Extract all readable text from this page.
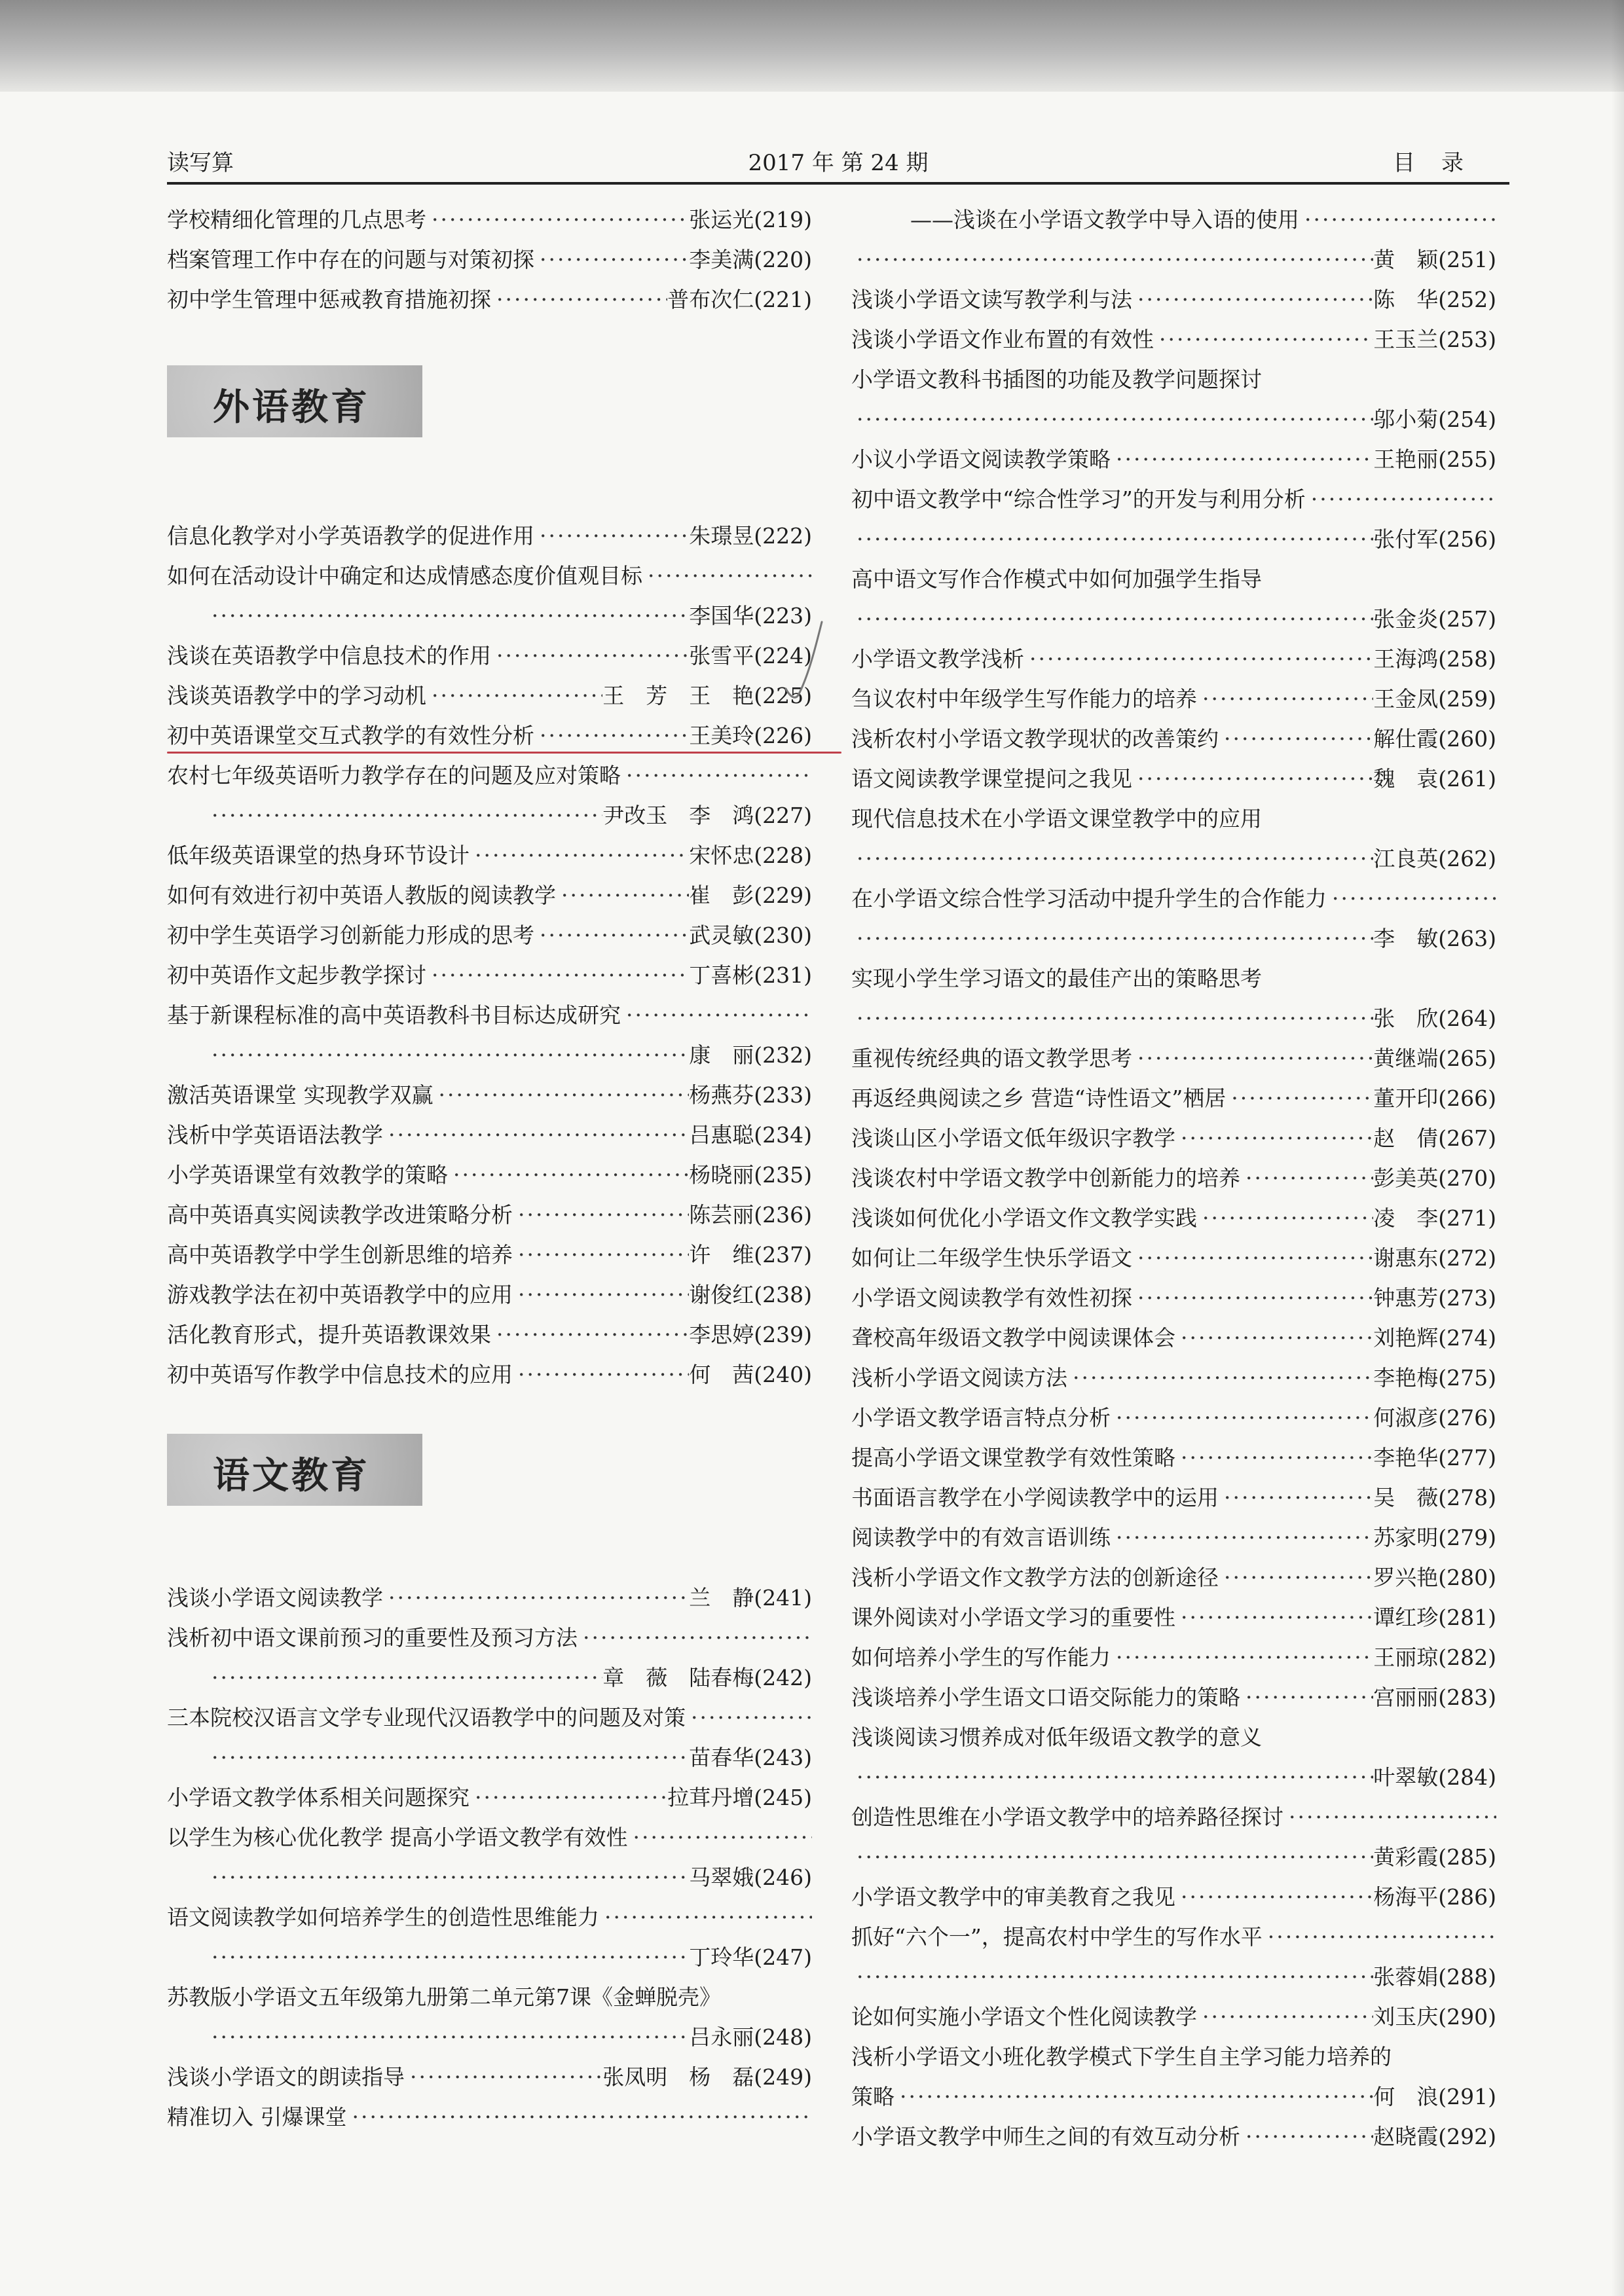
读写算	2017 年 第 24 期	目录
学校精细化管理的几点思考 ·····	张运光(219)
档案管理工作中存在的问题与对策初探 ·····	李美满(220)
初中学生管理中惩戒教育措施初探 ·····	普布次仁(221)
外语教育
信息化教学对小学英语教学的促进作用 ·····	朱璟昱(222)
如何在活动设计中确定和达成情感态度价值观目标
·····
·····
李国华(223)
浅谈在英语教学中信息技术的作用 ·····	张雪平(224)
浅谈英语教学中的学习动机 ·····	王　芳　王　艳(225)
初中英语课堂交互式教学的有效性分析 ·····	王美玲(226)
农村七年级英语听力教学存在的问题及应对策略
·····
·····
尹改玉　李　鸿(227)
低年级英语课堂的热身环节设计 ·····	宋怀忠(228)
如何有效进行初中英语人教版的阅读教学 ·····	崔　彭(229)
初中学生英语学习创新能力形成的思考 ·····	武灵敏(230)
初中英语作文起步教学探讨 ·····	丁喜彬(231)
基于新课程标准的高中英语教科书目标达成研究
·····
·····
康　丽(232)
激活英语课堂 实现教学双赢 ·····	杨燕芬(233)
浅析中学英语语法教学 ·····	吕惠聪(234)
小学英语课堂有效教学的策略 ·····	杨晓丽(235)
高中英语真实阅读教学改进策略分析 ·····	陈芸丽(236)
高中英语教学中学生创新思维的培养 ·····	许　维(237)
游戏教学法在初中英语教学中的应用 ·····	谢俊红(238)
活化教育形式，提升英语教课效果 ·····	李思婷(239)
初中英语写作教学中信息技术的应用 ·····	何　茜(240)
语文教育
浅谈小学语文阅读教学 ·····	兰　静(241)
浅析初中语文课前预习的重要性及预习方法
·····
·····
章　薇　陆春梅(242)
三本院校汉语言文学专业现代汉语教学中的问题及对策
·····
·····
苗春华(243)
小学语文教学体系相关问题探究 ·····	拉茸丹增(245)
以学生为核心优化教学 提高小学语文教学有效性
·····
·····
马翠娥(246)
语文阅读教学如何培养学生的创造性思维能力
·····
·····
丁玲华(247)
苏教版小学语文五年级第九册第二单元第7课《金蝉脱壳》
·····
吕永丽(248)
浅谈小学语文的朗读指导 ·····	张凤明　杨　磊(249)
精准切入 引爆课堂
·····
——浅谈在小学语文教学中导入语的使用
·····
·····
黄　颖(251)
浅谈小学语文读写教学利与法 ·····	陈　华(252)
浅谈小学语文作业布置的有效性 ·····	王玉兰(253)
小学语文教科书插图的功能及教学问题探讨
·····
邬小菊(254)
小议小学语文阅读教学策略 ·····	王艳丽(255)
初中语文教学中“综合性学习”的开发与利用分析
·····
·····
张付军(256)
高中语文写作合作模式中如何加强学生指导
·····
张金炎(257)
小学语文教学浅析 ·····	王海鸿(258)
刍议农村中年级学生写作能力的培养 ·····	王金凤(259)
浅析农村小学语文教学现状的改善策约 ·····	解仕霞(260)
语文阅读教学课堂提问之我见 ·····	魏　袁(261)
现代信息技术在小学语文课堂教学中的应用
·····
江良英(262)
在小学语文综合性学习活动中提升学生的合作能力
·····
·····
李　敏(263)
实现小学生学习语文的最佳产出的策略思考
·····
张　欣(264)
重视传统经典的语文教学思考 ·····	黄继端(265)
再返经典阅读之乡 营造“诗性语文”栖居 ·····	董开印(266)
浅谈山区小学语文低年级识字教学 ·····	赵　倩(267)
浅谈农村中学语文教学中创新能力的培养 ·····	彭美英(270)
浅谈如何优化小学语文作文教学实践 ·····	凌　李(271)
如何让二年级学生快乐学语文 ·····	谢惠东(272)
小学语文阅读教学有效性初探 ·····	钟惠芳(273)
聋校高年级语文教学中阅读课体会 ·····	刘艳辉(274)
浅析小学语文阅读方法 ·····	李艳梅(275)
小学语文教学语言特点分析 ·····	何淑彦(276)
提高小学语文课堂教学有效性策略 ·····	李艳华(277)
书面语言教学在小学阅读教学中的运用 ·····	吴　薇(278)
阅读教学中的有效言语训练 ·····	苏家明(279)
浅析小学语文作文教学方法的创新途径 ·····	罗兴艳(280)
课外阅读对小学语文学习的重要性 ·····	谭红珍(281)
如何培养小学生的写作能力 ·····	王丽琼(282)
浅谈培养小学生语文口语交际能力的策略 ·····	宫丽丽(283)
浅谈阅读习惯养成对低年级语文教学的意义
·····
叶翠敏(284)
创造性思维在小学语文教学中的培养路径探讨
·····
·····
黄彩霞(285)
小学语文教学中的审美教育之我见 ·····	杨海平(286)
抓好“六个一”，提高农村中学生的写作水平
·····
·····
张蓉娟(288)
论如何实施小学语文个性化阅读教学 ·····	刘玉庆(290)
浅析小学语文小班化教学模式下学生自主学习能力培养的
策略 ·····	何　浪(291)
小学语文教学中师生之间的有效互动分析 ·····	赵晓霞(292)
